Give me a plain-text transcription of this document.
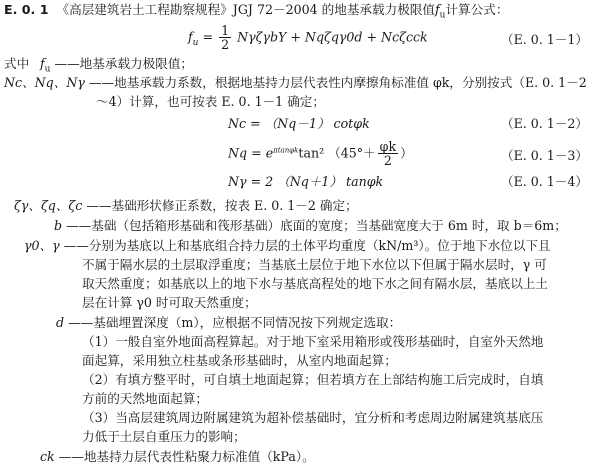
E. 0. 1 《高层建筑岩土工程勘察规程》JGJ 72－2004 的地基承载力极限值$f_u$计算公式：
$f_u = \frac{1}{2}$ NγζγbΥ + Nqζqγ0d + Ncζcck	（E. 0. 1－1）
式中 $f_u$ ——地基承载力极限值；
Nc、Nq、Nγ ——地基承载力系数，根据地基持力层代表性内摩擦角标准值 φk，分别按式（E. 0. 1－2
～4）计算，也可按表 E. 0. 1－1 确定；
Nc = （Nq－1） cotφk	（E. 0. 1－2）
$Nq = e^{\pi tan\varphi k}\tan^2$ （$45^\circ+ \frac{\varphi k}{2}$ ）	（E. 0. 1－3）
Nγ = 2 （Nq＋1） tanφk	（E. 0. 1－4）
ζγ、ζq、ζc ——基础形状修正系数，按表 E. 0. 1－2 确定；
b ——基础（包括箱形基础和筏形基础）底面的宽度；当基础宽度大于 6m 时，取 b＝6m；
γ0、γ ——分别为基底以上和基底组合持力层的土体平均重度（kN/m³）。位于地下水位以下且
不属于隔水层的土层取浮重度；当基底土层位于地下水位以下但属于隔水层时，γ 可
取天然重度；如基底以上的地下水与基底高程处的地下水之间有隔水层，基底以上土
层在计算 γ0 时可取天然重度；
d ——基础埋置深度（m），应根据不同情况按下列规定选取：
（1）一般自室外地面高程算起。对于地下室采用箱形或筏形基础时，自室外天然地
面起算，采用独立柱基或条形基础时，从室内地面起算；
（2）有填方整平时，可自填土地面起算；但若填方在上部结构施工后完成时，自填
方前的天然地面起算；
（3）当高层建筑周边附属建筑为超补偿基础时，宜分析和考虑周边附属建筑基底压
力低于土层自重压力的影响；
ck ——地基持力层代表性粘聚力标准值（kPa）。
